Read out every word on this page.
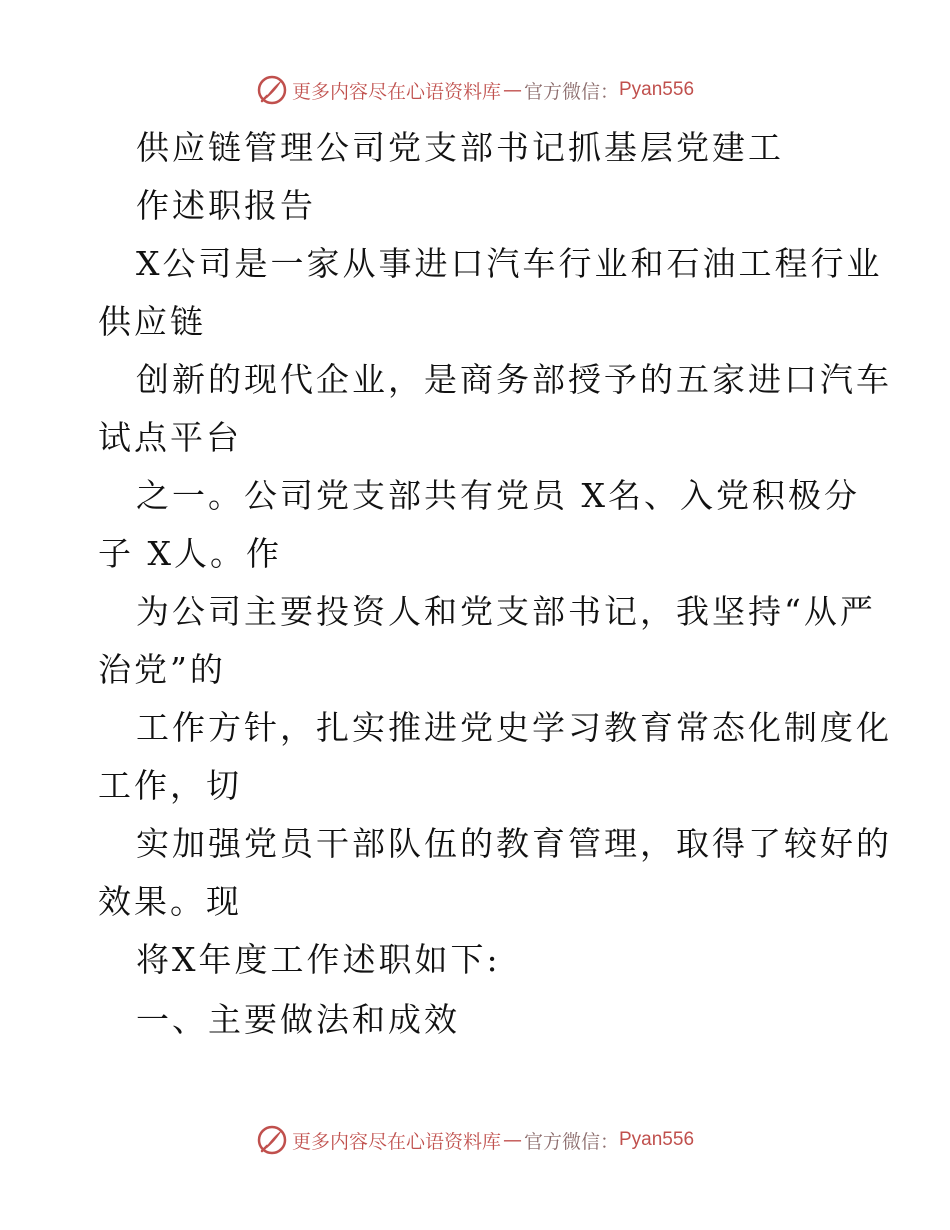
更多内容尽在心语资料库 — 官方微信： Pyan556
供应链管理公司党支部书记抓基层党建工
作述职报告
X公司是一家从事进口汽车行业和石油工程行业
供应链
创新的现代企业，是商务部授予的五家进口汽车
试点平台
之一。公司党支部共有党员 X名、入党积极分
子 X人。作
为公司主要投资人和党支部书记，我坚持“从严
治党”的
工作方针，扎实推进党史学习教育常态化制度化
工作，切
实加强党员干部队伍的教育管理，取得了较好的
效果。现
将X年度工作述职如下:
一、主要做法和成效
更多内容尽在心语资料库 — 官方微信： Pyan556
